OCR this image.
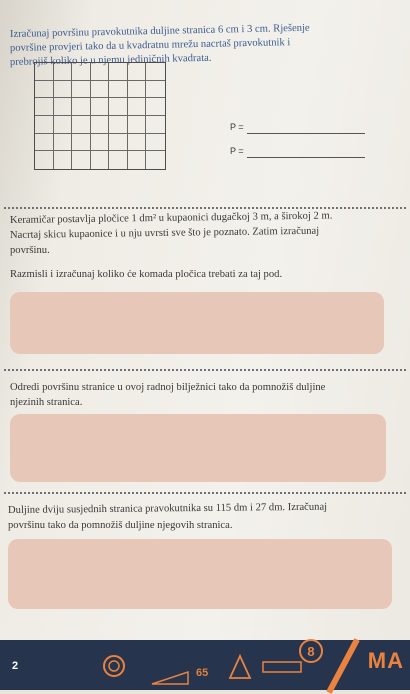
Izračunaj površinu pravokutnika duljine stranica 6 cm i 3 cm. Rješenje
površine provjeri tako da u kvadratnu mrežu nacrtaš pravokutnik i
prebrojiš koliko je u njemu jediničnih kvadrata.
P =
P =
Keramičar postavlja pločice 1 dm² u kupaonici dugačkoj 3 m, a širokoj 2 m.
Nacrtaj skicu kupaonice i u nju uvrsti sve što je poznato. Zatim izračunaj
površinu.
Razmisli i izračunaj koliko će komada pločica trebati za taj pod.
Odredi površinu stranice u ovoj radnoj bilježnici tako da pomnožiš duljine
njezinih stranica.
Duljine dviju susjednih stranica pravokutnika su 115 dm i 27 dm. Izračunaj
površinu tako da pomnožiš duljine njegovih stranica.
2
65
8 MA
